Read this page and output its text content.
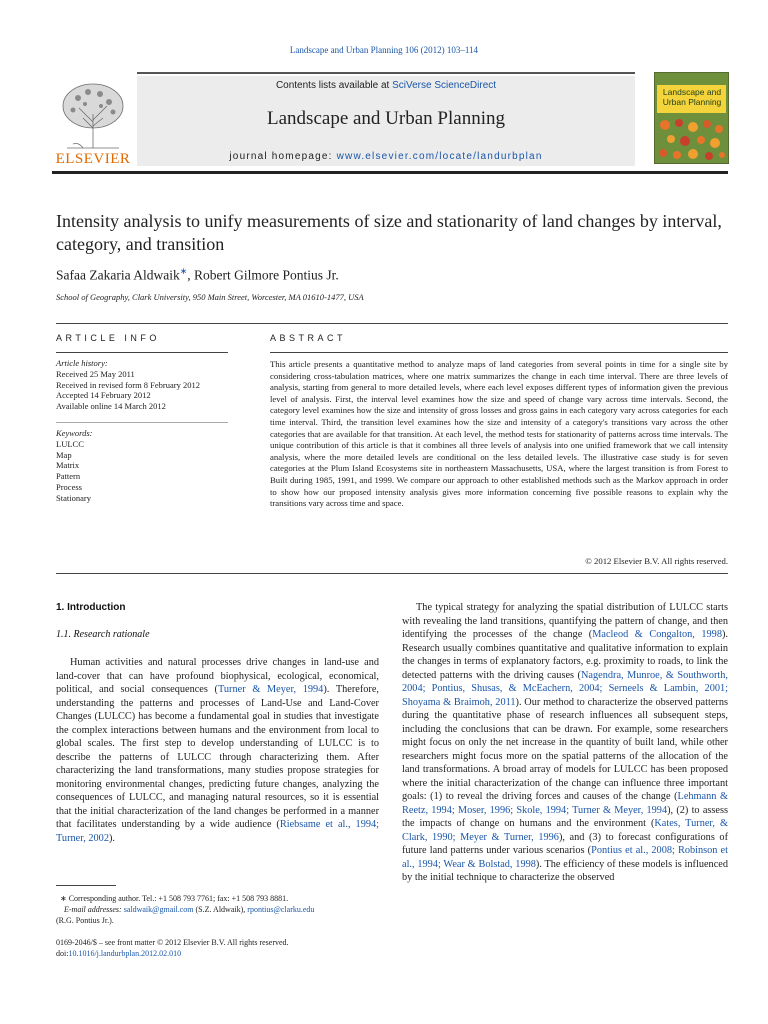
Landscape and Urban Planning 106 (2012) 103–114
ELSEVIER
Contents lists available at SciVerse ScienceDirect
Landscape and Urban Planning
journal homepage: www.elsevier.com/locate/landurbplan
Landscape and Urban Planning
Intensity analysis to unify measurements of size and stationarity of land changes by interval, category, and transition
Safaa Zakaria Aldwaik∗, Robert Gilmore Pontius Jr.
School of Geography, Clark University, 950 Main Street, Worcester, MA 01610-1477, USA
ARTICLE INFO	ABSTRACT
Article history:
Received 25 May 2011
Received in revised form 8 February 2012
Accepted 14 February 2012
Available online 14 March 2012
Keywords:
LULCC
Map
Matrix
Pattern
Process
Stationary
This article presents a quantitative method to analyze maps of land categories from several points in time for a single site by considering cross-tabulation matrices, where one matrix summarizes the change in each time interval. There are three levels of analysis, starting from general to more detailed levels, where each level exposes different types of information given the previous level of analysis. First, the interval level examines how the size and speed of change vary across time intervals. Second, the category level examines how the size and intensity of gross losses and gross gains in each category vary across categories for each time interval. Third, the transition level examines how the size and intensity of a category's transitions vary across the other categories that are available for that transition. At each level, the method tests for stationarity of patterns across time intervals. The unique contribution of this article is that it combines all three levels of analysis into one unified framework that we call intensity analysis, where the more detailed levels are conditional on the less detailed levels. The illustrative case study is for seven categories at the Plum Island Ecosystems site in northeastern Massachusetts, USA, where the largest transition is from Forest to Built during 1985, 1991, and 1999. We compare our approach to other established methods such as the Markov approach in order to show how our proposed intensity analysis gives more information concerning five possible reasons to explain why the transitions vary across time and space.
© 2012 Elsevier B.V. All rights reserved.
1. Introduction
1.1. Research rationale

Human activities and natural processes drive changes in land-use and land-cover that can have profound biophysical, ecological, economical, political, and social consequences (Turner & Meyer, 1994). Therefore, understanding the patterns and processes of Land-Use and Land-Cover Changes (LULCC) has become a fundamental goal in studies that investigate the complex interactions between humans and the environment from local to global scales. The first step to develop understanding of LULCC is to describe the patterns of LULCC through characterizing them. After characterizing the land transformations, many studies propose strategies for monitoring environmental changes, predicting future changes, analyzing the consequences of LULCC, and managing natural resources, so it is essential that the initial characterization of the land changes be performed in a manner that facilitates understanding by a wide audience (Riebsame et al., 1994; Turner, 2002).

The typical strategy for analyzing the spatial distribution of LULCC starts with revealing the land transitions, quantifying the pattern of change, and then identifying the processes of the change (Macleod & Congalton, 1998). Research usually combines quantitative and qualitative information to explain the changes in terms of explanatory factors, e.g. proximity to roads, to link the detected patterns with the driving causes (Nagendra, Munroe, & Southworth, 2004; Pontius, Shusas, & McEachern, 2004; Serneels & Lambin, 2001; Shoyama & Braimoh, 2011). Our method to characterize the observed patterns during the quantitative phase of research influences all subsequent steps, including the conclusions that can be drawn. For example, some researchers might focus on only the net increase in the quantity of built land, while other researchers might focus more on the spatial patterns of the allocation of the land transformations. A broad array of models for LULCC has been proposed where the initial characterization of the change can influence three important goals: (1) to reveal the driving forces and causes of the change (Lehmann & Reetz, 1994; Moser, 1996; Skole, 1994; Turner & Meyer, 1994), (2) to assess the impacts of change on humans and the environment (Kates, Turner, & Clark, 1990; Meyer & Turner, 1996), and (3) to forecast configurations of future land patterns under various scenarios (Pontius et al., 2008; Robinson et al., 1994; Wear & Bolstad, 1998). The efficiency of these models is influenced by the initial technique to characterize the observed

∗ Corresponding author. Tel.: +1 508 793 7761; fax: +1 508 793 8881.
E-mail addresses: saldwaik@gmail.com (S.Z. Aldwaik), rpontius@clarku.edu
(R.G. Pontius Jr.).
0169-2046/$ – see front matter © 2012 Elsevier B.V. All rights reserved.
doi:10.1016/j.landurbplan.2012.02.010
